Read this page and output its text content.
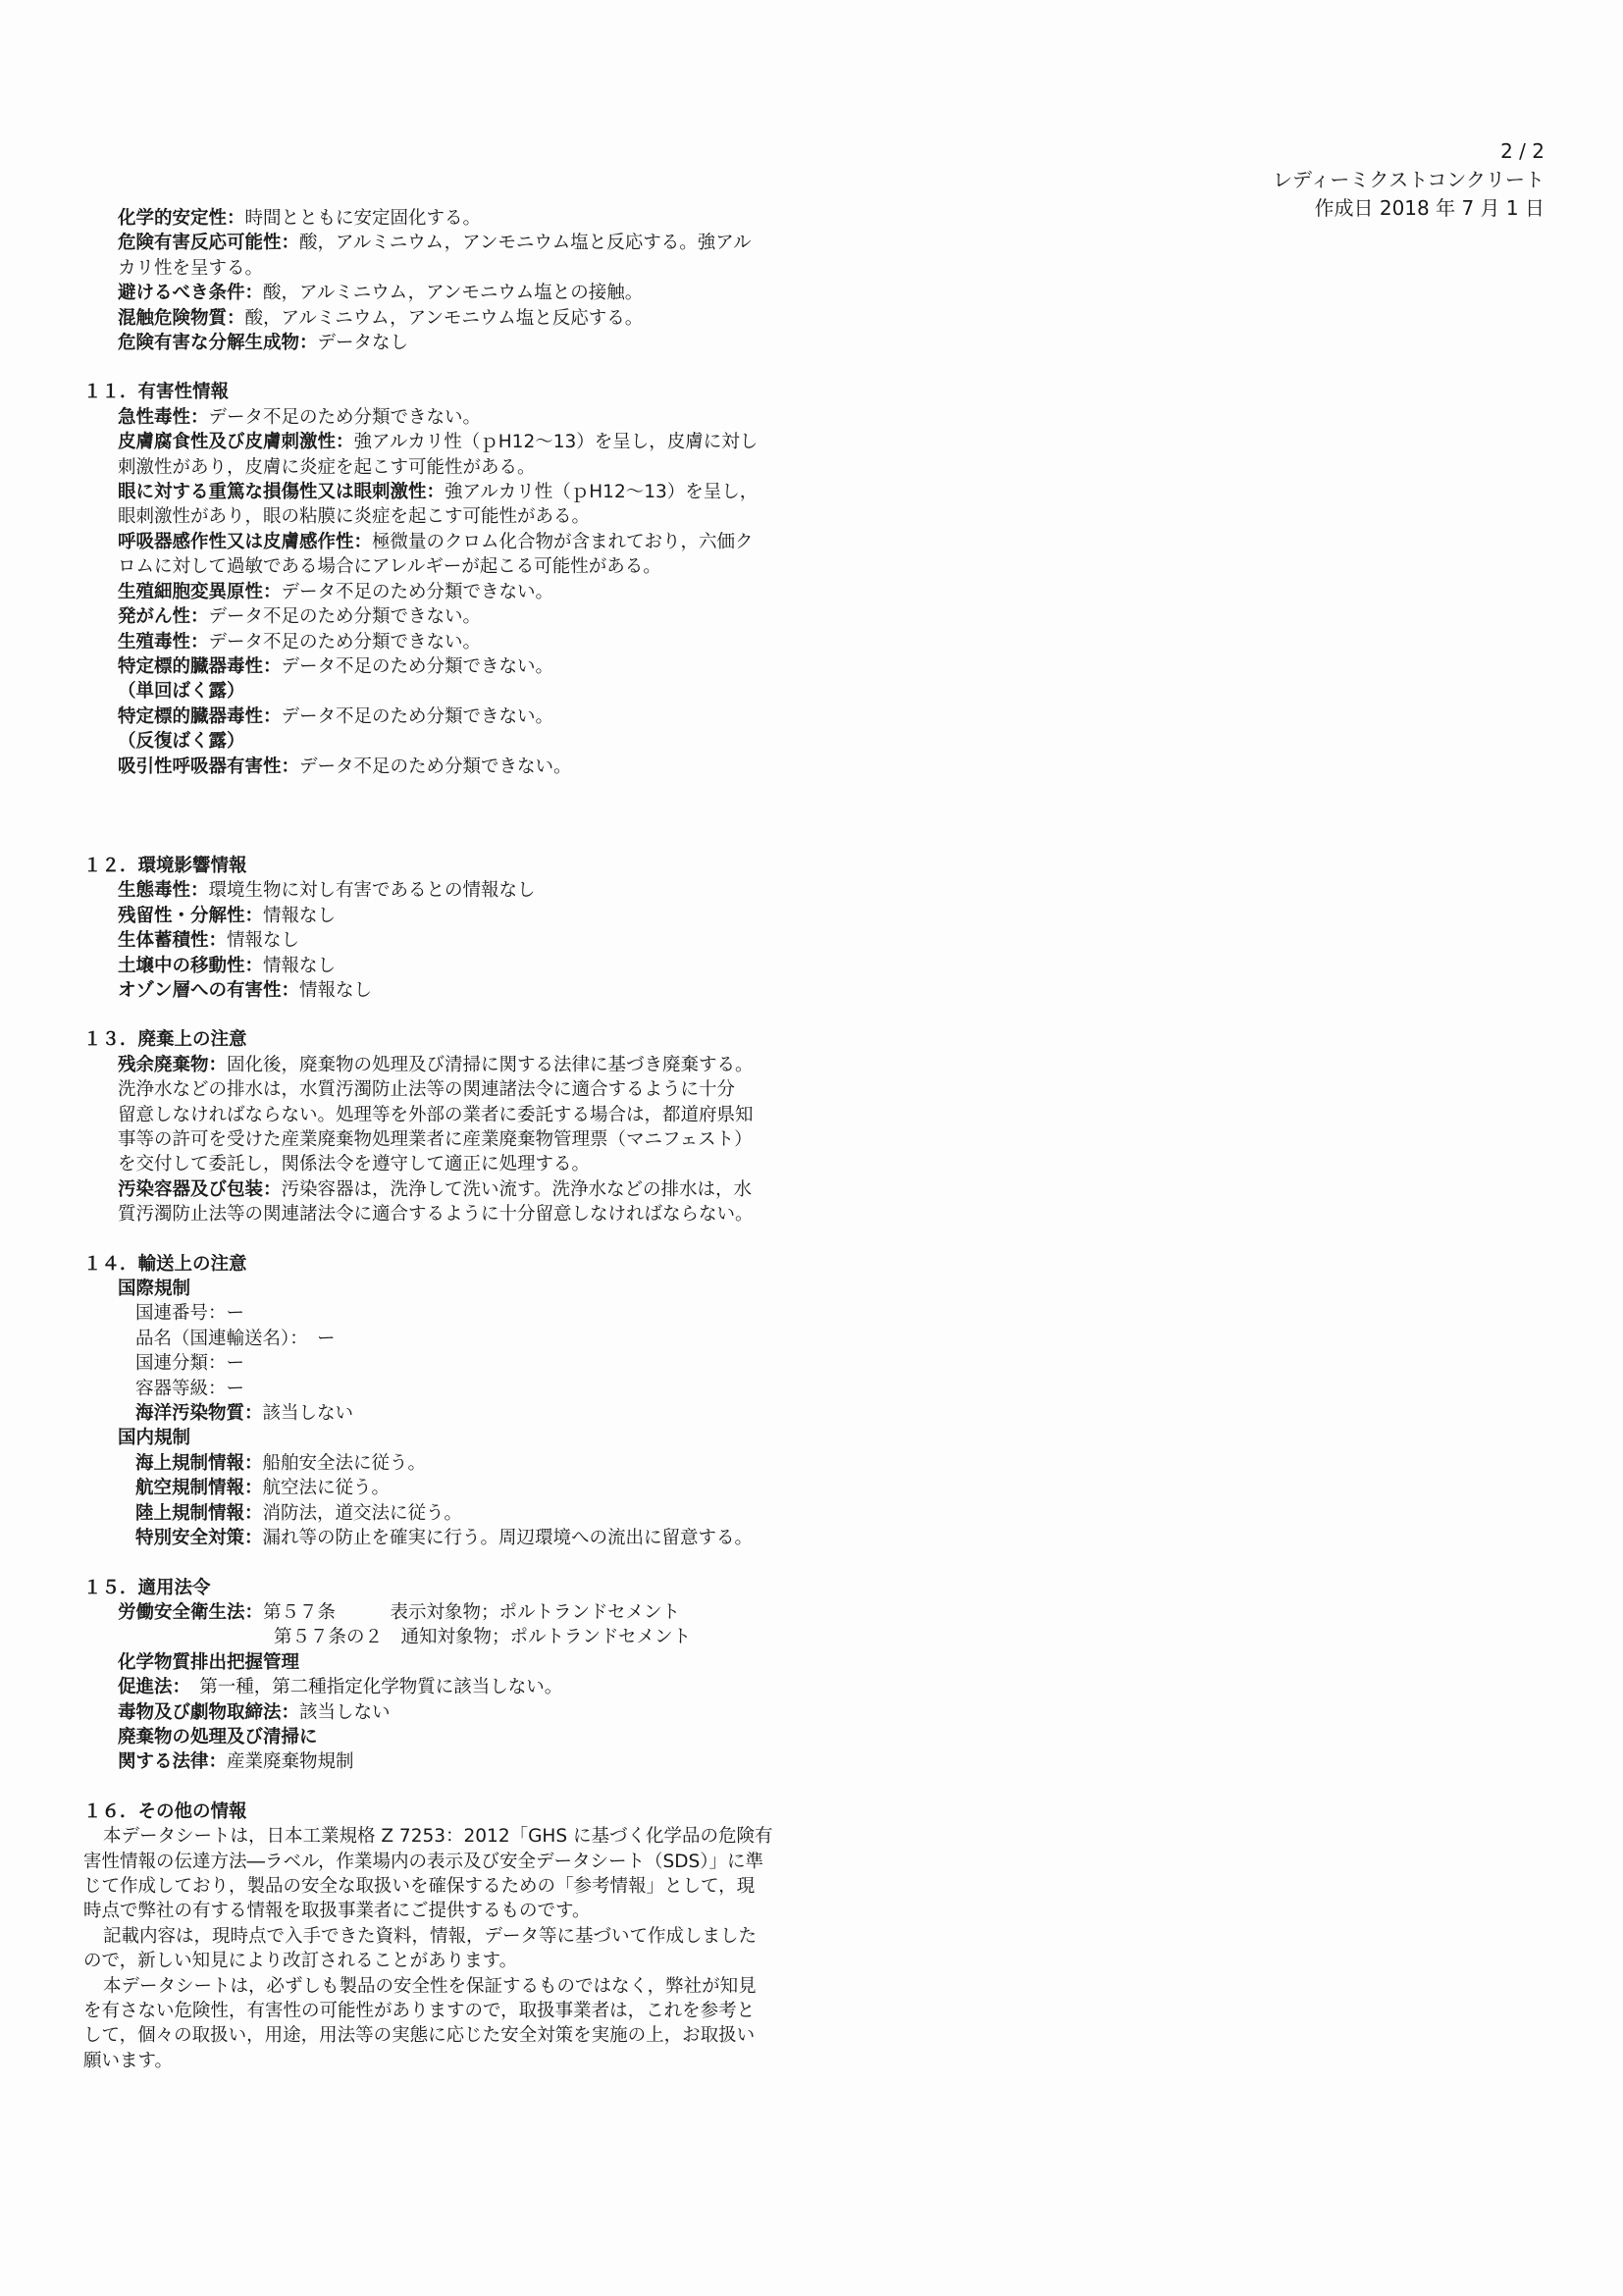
2 / 2
レディーミクストコンクリート
作成日 2018 年 7 月 1 日
化学的安定性：時間とともに安定固化する。
危険有害反応可能性：酸，アルミニウム，アンモニウム塩と反応する。強アル
カリ性を呈する。
避けるべき条件：酸，アルミニウム，アンモニウム塩との接触。
混触危険物質：酸，アルミニウム，アンモニウム塩と反応する。
危険有害な分解生成物：データなし
１１．有害性情報
急性毒性：データ不足のため分類できない。
皮膚腐食性及び皮膚刺激性：強アルカリ性（ｐH12～13）を呈し，皮膚に対し
刺激性があり，皮膚に炎症を起こす可能性がある。
眼に対する重篤な損傷性又は眼刺激性：強アルカリ性（ｐH12～13）を呈し，
眼刺激性があり，眼の粘膜に炎症を起こす可能性がある。
呼吸器感作性又は皮膚感作性：極微量のクロム化合物が含まれており，六価ク
ロムに対して過敏である場合にアレルギーが起こる可能性がある。
生殖細胞変異原性：データ不足のため分類できない。
発がん性：データ不足のため分類できない。
生殖毒性：データ不足のため分類できない。
特定標的臓器毒性：データ不足のため分類できない。
（単回ばく露）
特定標的臓器毒性：データ不足のため分類できない。
（反復ばく露）
吸引性呼吸器有害性：データ不足のため分類できない。
１２．環境影響情報
生態毒性：環境生物に対し有害であるとの情報なし
残留性・分解性：情報なし
生体蓄積性：情報なし
土壌中の移動性：情報なし
オゾン層への有害性：情報なし
１３．廃棄上の注意
残余廃棄物：固化後，廃棄物の処理及び清掃に関する法律に基づき廃棄する。
洗浄水などの排水は，水質汚濁防止法等の関連諸法令に適合するように十分
留意しなければならない。処理等を外部の業者に委託する場合は，都道府県知
事等の許可を受けた産業廃棄物処理業者に産業廃棄物管理票（マニフェスト）
を交付して委託し，関係法令を遵守して適正に処理する。
汚染容器及び包装：汚染容器は，洗浄して洗い流す。洗浄水などの排水は，水
質汚濁防止法等の関連諸法令に適合するように十分留意しなければならない。
１４．輸送上の注意
国際規制
国連番号：ー
品名（国連輸送名）：　ー
国連分類：ー
容器等級：ー
海洋汚染物質：該当しない
国内規制
海上規制情報：船舶安全法に従う。
航空規制情報：航空法に従う。
陸上規制情報：消防法，道交法に従う。
特別安全対策：漏れ等の防止を確実に行う。周辺環境への流出に留意する。
１５．適用法令
労働安全衛生法：第５７条　　　表示対象物；ポルトランドセメント
第５７条の２　通知対象物；ポルトランドセメント
化学物質排出把握管理
促進法：　第一種，第二種指定化学物質に該当しない。
毒物及び劇物取締法：該当しない
廃棄物の処理及び清掃に
関する法律：産業廃棄物規制
１６．その他の情報
本データシートは，日本工業規格 Z 7253：2012「GHS に基づく化学品の危険有
害性情報の伝達方法―ラベル，作業場内の表示及び安全データシート（SDS）」に準
じて作成しており，製品の安全な取扱いを確保するための「参考情報」として，現
時点で弊社の有する情報を取扱事業者にご提供するものです。
記載内容は，現時点で入手できた資料，情報，データ等に基づいて作成しました
ので，新しい知見により改訂されることがあります。
本データシートは，必ずしも製品の安全性を保証するものではなく，弊社が知見
を有さない危険性，有害性の可能性がありますので，取扱事業者は，これを参考と
して，個々の取扱い，用途，用法等の実態に応じた安全対策を実施の上，お取扱い
願います。
